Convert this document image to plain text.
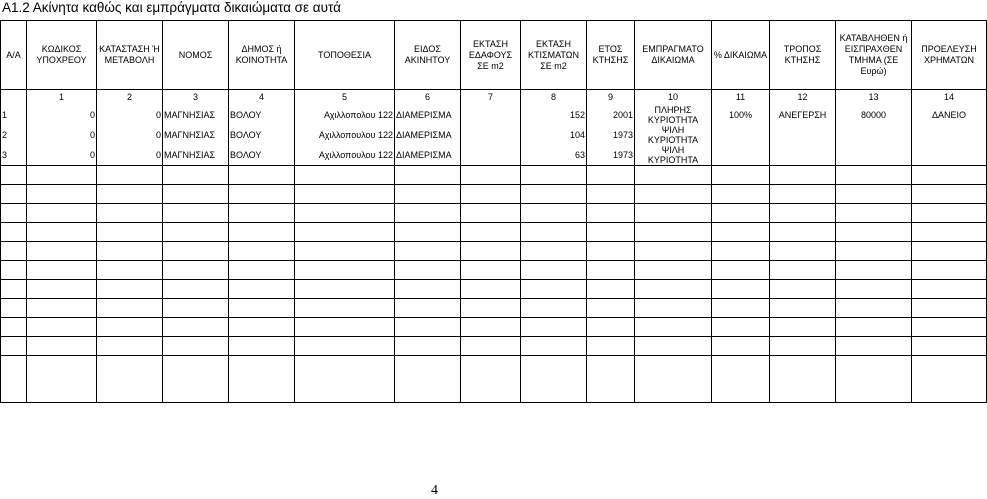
Α1.2 Ακίνητα καθώς και εμπράγματα δικαιώματα σε αυτά
Α/Α	ΚΩΔΙΚΟΣ ΥΠΟΧΡΕΟΥ	ΚΑΤΑΣΤΑΣΗ Ή ΜΕΤΑΒΟΛΗ	ΝΟΜΟΣ	ΔΗΜΟΣ ή ΚΟΙΝΟΤΗΤΑ	ΤΟΠΟΘΕΣΙΑ	ΕΙΔΟΣ ΑΚΙΝΗΤΟΥ	ΕΚΤΑΣΗ ΕΔΑΦΟΥΣ ΣΕ m2	ΕΚΤΑΣΗ ΚΤΙΣΜΑΤΩΝ ΣΕ m2	ΕΤΟΣ ΚΤΗΣΗΣ	ΕΜΠΡΑΓΜΑΤΟ ΔΙΚΑΙΩΜΑ	% ΔΙΚΑΙΩΜΑ	ΤΡΟΠΟΣ ΚΤΗΣΗΣ	ΚΑΤΑΒΛΗΘΕΝ ή ΕΙΣΠΡΑΧΘΕΝ ΤΜΗΜΑ (ΣΕ Ευρώ)	ΠΡΟΕΛΕΥΣΗ ΧΡΗΜΑΤΩΝ
	1	2	3	4	5	6	7	8	9	10	11	12	13	14
1	0	0	ΜΑΓΝΗΣΙΑΣ	ΒΟΛΟΥ	Αχιλλοπολου 122	ΔΙΑΜΕΡΙΣΜΑ		152	2001	ΠΛΗΡΗΣ ΚΥΡΙΟΤΗΤΑ	100%	ΑΝΕΓΕΡΣΗ	80000	ΔΑΝΕΙΟ
2	0	0	ΜΑΓΝΗΣΙΑΣ	ΒΟΛΟΥ	Αχιλλοπουλου 122	ΔΙΑΜΕΡΙΣΜΑ		104	1973	ΨΙΛΗ ΚΥΡΙΟΤΗΤΑ				
3	0	0	ΜΑΓΝΗΣΙΑΣ	ΒΟΛΟΥ	Αχιλλοπουλου 122	ΔΙΑΜΕΡΙΣΜΑ		63	1973	ΨΙΛΗ ΚΥΡΙΟΤΗΤΑ				

4
